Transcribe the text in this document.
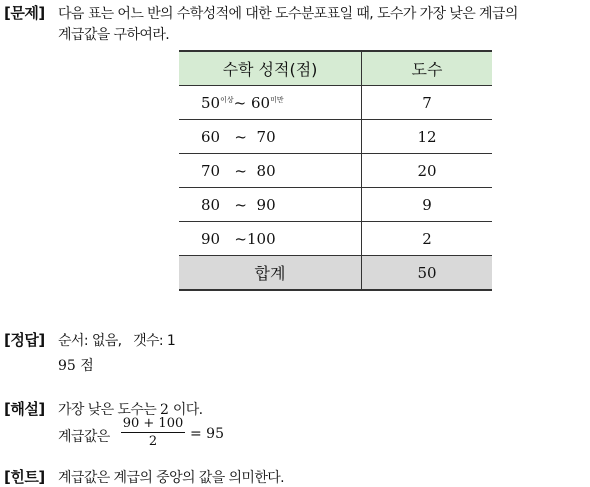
[문제] 다음 표는 어느 반의 수학성적에 대한 도수분포표일 때, 도수가 가장 낮은 계급의
계급값을 구하여라.
수학 성적(점)	도수
$50^{이상}\sim$ $60^{미만}$	7
60 ~ 70	12
70 ~ 80	20
80 ~ 90	9
90 ~100	2
합계	50
[정답] 순서: 없음, 갯수: 1
95 점
[해설] 가장 낮은 도수는 2 이다.
계급값은
90 + 100
2	= 95
[힌트] 계급값은 계급의 중앙의 값을 의미한다.
